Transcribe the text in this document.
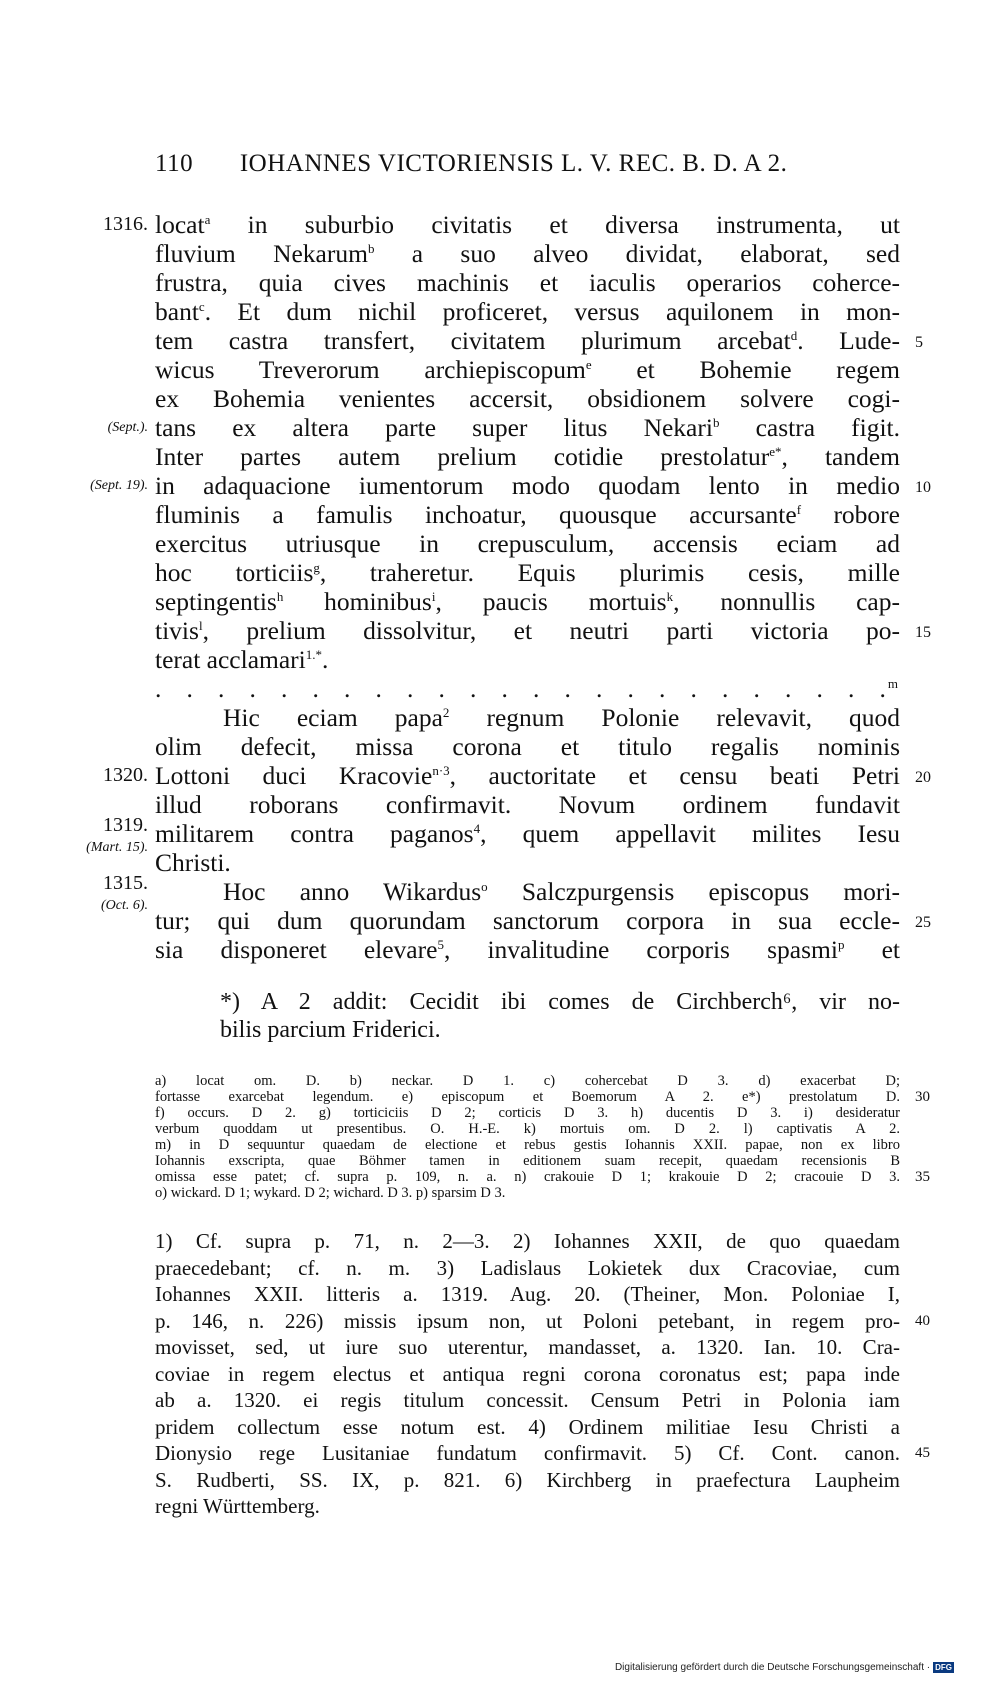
110 IOHANNES VICTORIENSIS L. V. REC. B. D. A 2.
locat$^a$ in suburbio civitatis et diversa instrumenta, ut
1316.
fluvium Nekarum$^b$ a suo alveo dividat, elaborat, sed
frustra, quia cives machinis et iaculis operarios coherce-
bant$^c$. Et dum nichil proficeret, versus aquilonem in mon-
tem castra transfert, civitatem plurimum arcebat$^d$. Lude- 5
wicus Treverorum archiepiscopum$^e$ et Bohemie regem
ex Bohemia venientes accersit, obsidionem solvere cogi-
tans ex altera parte super litus Nekari$^b$ castra figit.
(Sept.).
Inter partes autem prelium cotidie prestolatur$^{e*}$, tandem
in adaquacione iumentorum modo quodam lento in medio
(Sept. 19).	10
fluminis a famulis inchoatur, quousque accursante$^f$ robore
exercitus utriusque in crepusculum, accensis eciam ad
hoc torticiis$^g$, traheretur. Equis plurimis cesis, mille
septingentis$^h$ hominibus$^i$, paucis mortuis$^k$, nonnullis cap-
tivis$^l$, prelium dissolvitur, et neutri parti victoria po- 15
terat acclamari$^{1.*}$.
. . . . . . . . . . . . . . . . . . . . . . . .$^m$
Hic eciam papa$^2$ regnum Polonie relevavit, quod
olim defecit, missa corona et titulo regalis nominis
Lottoni duci Kracovie$^{n\cdot 3}$, auctoritate et censu beati Petri
1320.	20
illud roborans confirmavit. Novum ordinem fundavit
militarem contra paganos$^4$, quem appellavit milites Iesu
1319.
(Mart. 15).
Christi.
Hoc anno Wikardus$^o$ Salczpurgensis episcopus mori-
1315.
(Oct. 6).
tur; qui dum quorundam sanctorum corpora in sua eccle- 25
sia disponeret elevare$^5$, invalitudine corporis spasmi$^p$ et
*) A 2 addit: Cecidit ibi comes de Circhberch⁶, vir no-
bilis parcium Friderici.
a) locat om. D. b) neckar. D 1. c) cohercebat D 3. d) exacerbat D;
fortasse exarcebat legendum. e) episcopum et Boemorum A 2. e*) prestolatum D. 30
f) occurs. D 2. g) torticiciis D 2; corticis D 3. h) ducentis D 3. i) desideratur
verbum quoddam ut presentibus. O. H.-E. k) mortuis om. D 2. l) captivatis A 2.
m) in D sequuntur quaedam de electione et rebus gestis Iohannis XXII. papae, non ex libro
Iohannis exscripta, quae Böhmer tamen in editionem suam recepit, quaedam recensionis B
omissa esse patet; cf. supra p. 109, n. a. n) crakouie D 1; krakouie D 2; cracouie D 3. 35
o) wickard. D 1; wykard. D 2; wichard. D 3. p) sparsim D 3.
1) Cf. supra p. 71, n. 2—3. 2) Iohannes XXII, de quo quaedam
praecedebant; cf. n. m. 3) Ladislaus Lokietek dux Cracoviae, cum
Iohannes XXII. litteris a. 1319. Aug. 20. (Theiner, Mon. Poloniae I,
p. 146, n. 226) missis ipsum non, ut Poloni petebant, in regem pro- 40
movisset, sed, ut iure suo uterentur, mandasset, a. 1320. Ian. 10. Cra-
coviae in regem electus et antiqua regni corona coronatus est; papa inde
ab a. 1320. ei regis titulum concessit. Censum Petri in Polonia iam
pridem collectum esse notum est. 4) Ordinem militiae Iesu Christi a
Dionysio rege Lusitaniae fundatum confirmavit. 5) Cf. Cont. canon. 45
S. Rudberti, SS. IX, p. 821. 6) Kirchberg in praefectura Laupheim
regni Württemberg.
Digitalisierung gefördert durch die Deutsche Forschungsgemeinschaft · DFG
